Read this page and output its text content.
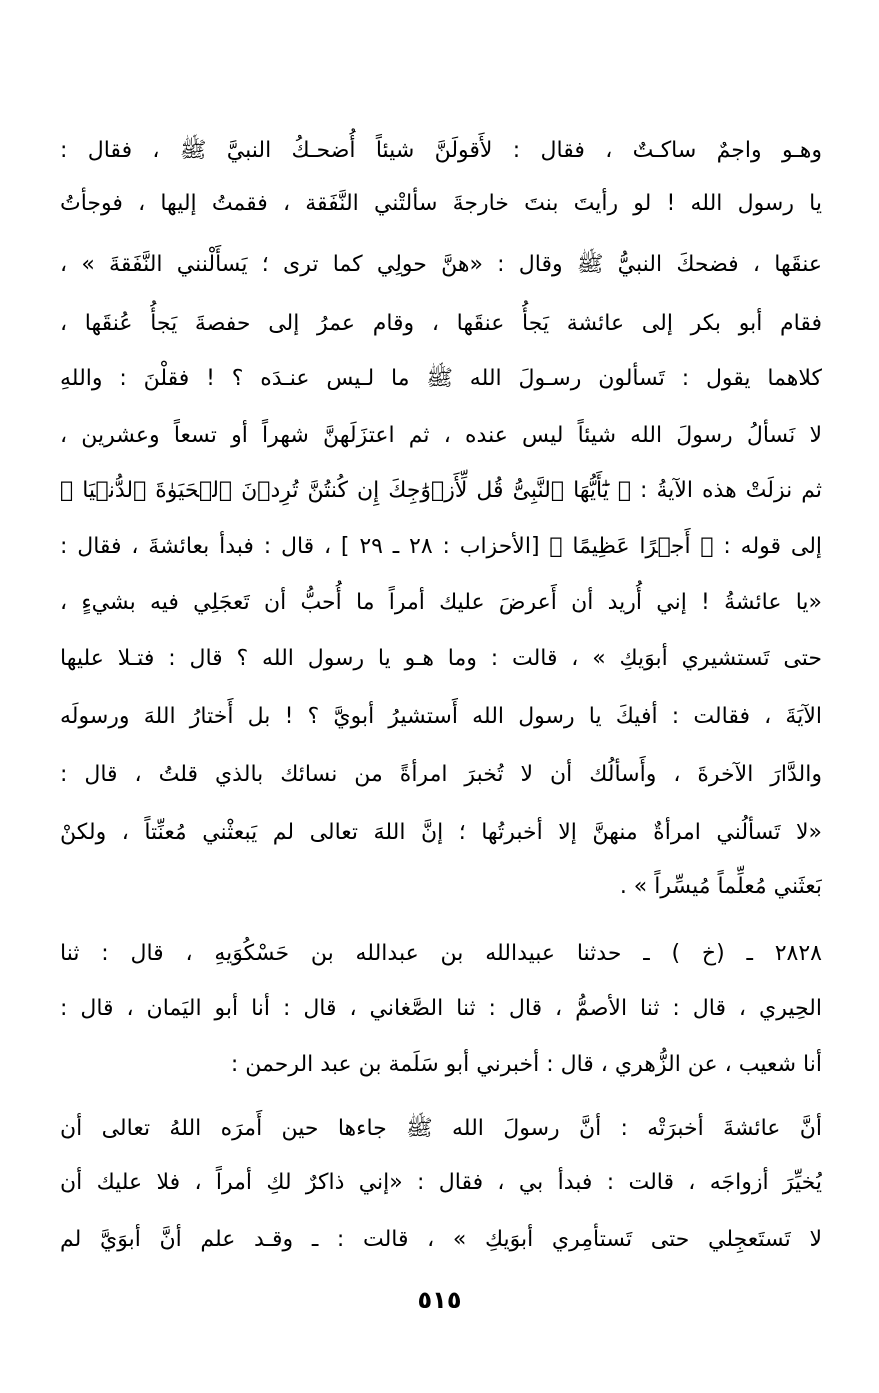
وهـو واجمٌ ساكـتٌ ، فقال : لأَقولَنَّ شيئاً أُضحـكُ النبيَّ ﷺ ، فقال :

يا رسول الله ! لو رأيتَ بنتَ خارجةَ سألتْني النَّفَقة ، فقمتُ إليها ، فوجأتُ

عنقَها ، فضحكَ النبيُّ ﷺ وقال : «هنَّ حولِي كما ترى ؛ يَسأَلْنني النَّفَقةَ » ،

فقام أبو بكر إلى عائشة يَجأُ عنقَها ، وقام عمرُ إلى حفصةَ يَجأُ عُنقَها ،

كلاهما يقول : تَسألون رسـولَ الله ﷺ ما لـيس عنـدَه ؟ ! فقلْنَ : واللهِ

لا نَسألُ رسولَ الله شيئاً ليس عنده ، ثم اعتزَلَهنَّ شهراً أو تسعاً وعشرين ،

ثم نزلَتْ هذه الآيةُ : ﴿ يَٰٓأَيُّهَا ٱلنَّبِىُّ قُل لِّأَزۡوَٰجِكَ إِن كُنتُنَّ تُرِدۡنَ ٱلۡحَيَوٰةَ ٱلدُّنۡيَا ﴾

إلى قوله : ﴿ أَجۡرًا عَظِيمًا ﴾ [الأحزاب : ٢٨ ـ ٢٩ ] ، قال : فبدأ بعائشةَ ، فقال :

«يا عائشةُ ! إني أُريد أن أَعرضَ عليك أمراً ما أُحبُّ أن تَعجَلِي فيه بشيءٍ ،

حتى تَستشيري أبوَيكِ » ، قالت : وما هـو يا رسول الله ؟ قال : فتـلا عليها

الآيَةَ ، فقالت : أفيكَ يا رسول الله أَستشيرُ أبويَّ ؟ ! بل أَختارُ اللهَ ورسولَه

والدَّارَ الآخرةَ ، وأَسألُك أن لا تُخبرَ امرأةً من نسائك بالذي قلتُ ، قال :

«لا تَسألُني امرأةٌ منهنَّ إلا أخبرتُها ؛ إنَّ اللهَ تعالى لم يَبعثْني مُعنِّتاً ، ولكنْ

بَعثَني مُعلِّماً مُيسِّراً » .

٢٨٢٨ ـ (خ ) ـ حدثنا عبيدالله بن عبدالله بن حَسْكُوَيهِ ، قال : ثنا

الحِيري ، قال : ثنا الأصمُّ ، قال : ثنا الصَّغاني ، قال : أنا أبو اليَمان ، قال :

أنا شعيب ، عن الزُّهري ، قال : أخبرني أبو سَلَمة بن عبد الرحمن :

أنَّ عائشةَ أخبرَتْه : أنَّ رسولَ الله ﷺ جاءها حين أَمرَه اللهُ تعالى أن

يُخيِّرَ أزواجَه ، قالت : فبدأ بي ، فقال : «إني ذاكرٌ لكِ أمراً ، فلا عليك أن

لا تَستَعجِلي حتى تَستأمِري أبوَيكِ » ، قالت : ـ وقـد علم أنَّ أبوَيَّ لم

٥١٥
